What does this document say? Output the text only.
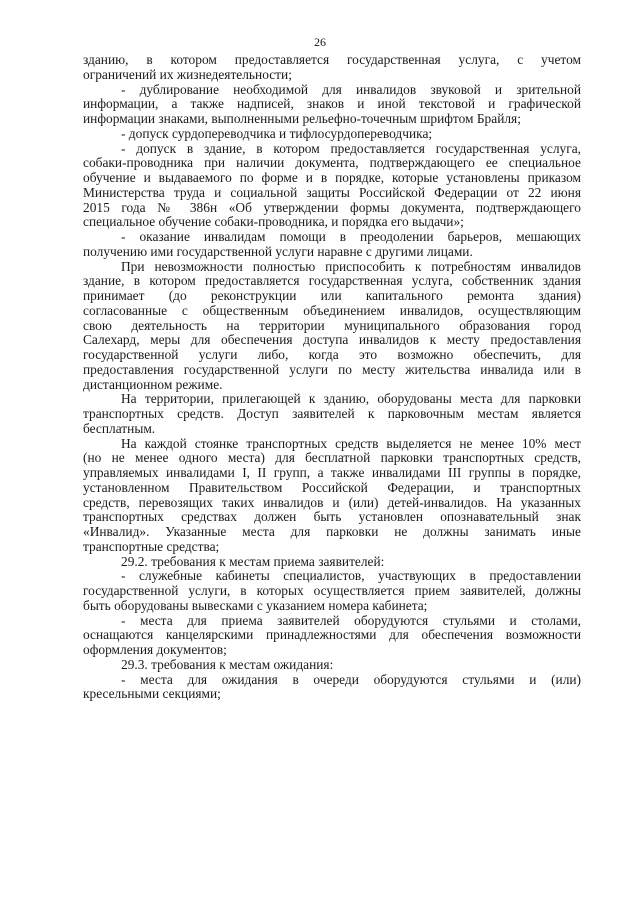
26
зданию, в котором предоставляется государственная услуга, с учетом
ограничений их жизнедеятельности;
- дублирование необходимой для инвалидов звуковой и зрительной
информации, а также надписей, знаков и иной текстовой и графической
информации знаками, выполненными рельефно-точечным шрифтом Брайля;
- допуск сурдопереводчика и тифлосурдопереводчика;
- допуск в здание, в котором предоставляется государственная услуга,
собаки-проводника при наличии документа, подтверждающего ее специальное
обучение и выдаваемого по форме и в порядке, которые установлены приказом
Министерства труда и социальной защиты Российской Федерации от 22 июня
2015 года № 386н «Об утверждении формы документа, подтверждающего
специальное обучение собаки-проводника, и порядка его выдачи»;
- оказание инвалидам помощи в преодолении барьеров, мешающих
получению ими государственной услуги наравне с другими лицами.
При невозможности полностью приспособить к потребностям инвалидов
здание, в котором предоставляется государственная услуга, собственник здания
принимает (до реконструкции или капитального ремонта здания)
согласованные с общественным объединением инвалидов, осуществляющим
свою деятельность на территории муниципального образования город
Салехард, меры для обеспечения доступа инвалидов к месту предоставления
государственной услуги либо, когда это возможно обеспечить, для
предоставления государственной услуги по месту жительства инвалида или в
дистанционном режиме.
На территории, прилегающей к зданию, оборудованы места для парковки
транспортных средств. Доступ заявителей к парковочным местам является
бесплатным.
На каждой стоянке транспортных средств выделяется не менее 10% мест
(но не менее одного места) для бесплатной парковки транспортных средств,
управляемых инвалидами I, II групп, а также инвалидами III группы в порядке,
установленном Правительством Российской Федерации, и транспортных
средств, перевозящих таких инвалидов и (или) детей-инвалидов. На указанных
транспортных средствах должен быть установлен опознавательный знак
«Инвалид». Указанные места для парковки не должны занимать иные
транспортные средства;
29.2. требования к местам приема заявителей:
- служебные кабинеты специалистов, участвующих в предоставлении
государственной услуги, в которых осуществляется прием заявителей, должны
быть оборудованы вывесками с указанием номера кабинета;
- места для приема заявителей оборудуются стульями и столами,
оснащаются канцелярскими принадлежностями для обеспечения возможности
оформления документов;
29.3. требования к местам ожидания:
- места для ожидания в очереди оборудуются стульями и (или)
кресельными секциями;
